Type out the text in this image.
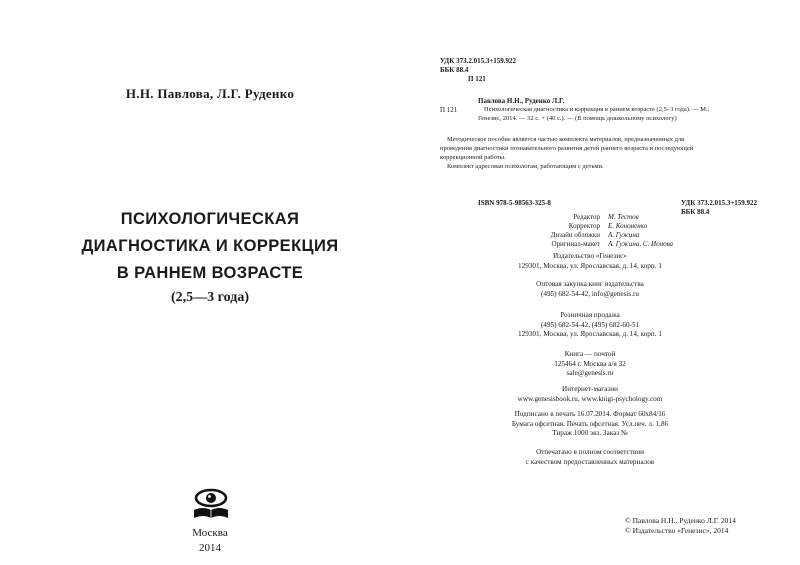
Н.Н. Павлова, Л.Г. Руденко
ПСИХОЛОГИЧЕСКАЯ
ДИАГНОСТИКА И КОРРЕКЦИЯ
В РАННЕМ ВОЗРАСТЕ
(2,5—3 года)
Москва
2014
УДК 373.2.015.3+159.922
ББК 88.4
П 121
П 121
Павлова Н.Н., Руденко Л.Г.
Психологическая диагностика и коррекция в раннем возрасте (2,5–3 года). — М.:
Генезис, 2014. — 32 с. + (40 с.). — (В помощь дошкольному психологу)
Методическое пособие является частью комплекта материалов, предназначенных для
проведения диагностики познавательного развития детей раннего возраста и последующей
коррекционной работы.
Комплект адресован психологам, работающим с детьми.
ISBN 978-5-98563-325-8	УДК 373.2.015.3+159.922
ББК 88.4
Редактор	М. Тестов
Корректор	Е. Кононенко
Дизайн обложки	А. Гужина
Оригинал-макет	А. Гужина, С. Ионова
Издательство «Генезис»
129301, Москва, ул. Ярославская, д. 14, корп. 1
Оптовая закупка книг издательства
(495) 682-54-42, info@genesis.ru
Розничная продажа
(495) 682-54-42, (495) 682-60-51
129301, Москва, ул. Ярославская, д. 14, корп. 1
Книга — почтой
125464 г. Москва а/я 32
sale@genesis.ru
Интернет-магазин
www.genesisbook.ru, www.knigi-psychology.com
Подписано в печать 16.07.2014. Формат 60x84/16
Бумага офсетная. Печать офсетная. Усл.печ. л. 1,86
Тираж 1000 экз. Заказ №
Отпечатано в полном соответствии
с качеством предоставленных материалов
© Павлова Н.Н., Руденко Л.Г. 2014
© Издательство «Генезис», 2014
